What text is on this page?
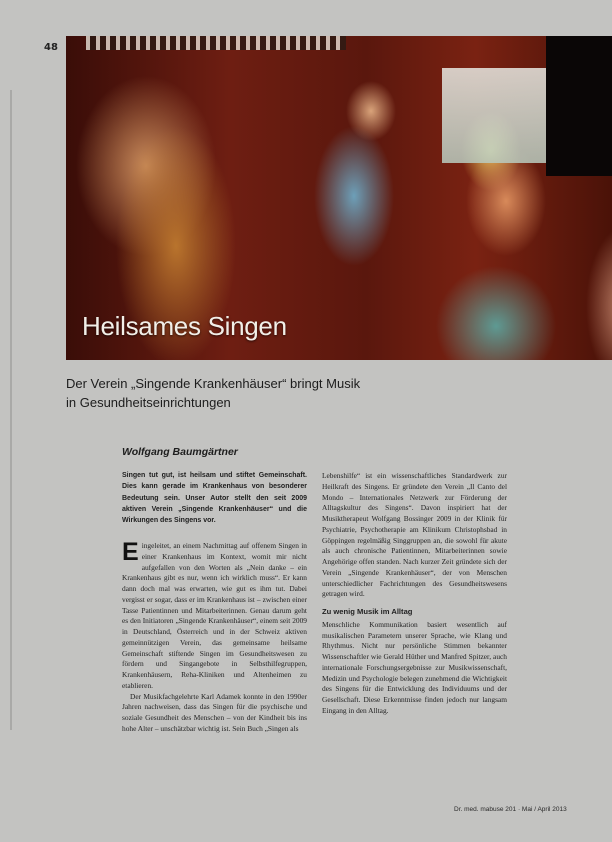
48
Heilsames Singen
Der Verein „Singende Krankenhäuser“ bringt Musik
in Gesundheitseinrichtungen
Wolfgang Baumgärtner
Singen tut gut, ist heilsam und stiftet Gemeinschaft. Dies kann gerade im Krankenhaus von besonderer Bedeutung sein. Unser Autor stellt den seit 2009 aktiven Verein „Singende Krankenhäuser“ und die Wirkungen des Singens vor.

Eingeleitet, an einem Nachmittag auf offenem Singen in einer Krankenhaus im Kontext, womit mir nicht aufgefallen von den Worten als „Nein danke – ein Krankenhaus gibt es nur, wenn ich wirklich muss“. Er kann dann doch mal was erwarten, wie gut es ihm tut. Dabei vergisst er sogar, dass er im Krankenhaus ist – zwischen einer Tasse Patientinnen und Mitarbeiterinnen. Genau darum geht es den Initiatoren „Singende Krankenhäuser“, einem seit 2009 in Deutschland, Österreich und in der Schweiz aktiven gemeinnützigen Verein, das gemeinsame heilsame Gemeinschaft stiftende Singen im Gesundheitswesen zu fördern und Singangebote in Selbsthilfegruppen, Krankenhäusern, Reha-Kliniken und Altenheimen zu etablieren.

Der Musikfachgelehrte Karl Adamek konnte in den 1990er Jahren nachweisen, dass das Singen für die psychische und soziale Gesundheit des Menschen – von der Kindheit bis ins hohe Alter – unschätzbar wichtig ist. Sein Buch „Singen als

Lebenshilfe“ ist ein wissenschaftliches Standardwerk zur Heilkraft des Singens. Er gründete den Verein „Il Canto del Mondo – Internationales Netzwerk zur Förderung der Alltagskultur des Singens“. Davon inspiriert hat der Musiktherapeut Wolfgang Bossinger 2009 in der Klinik für Psychiatrie, Psychotherapie am Klinikum Christophsbad in Göppingen regelmäßig Singgruppen an, die sowohl für akute als auch chronische Patientinnen, Mitarbeiterinnen sowie Angehörige offen standen. Nach kurzer Zeit gründete sich der Verein „Singende Krankenhäuser“, der von Menschen unterschiedlicher Fachrichtungen des Gesundheitswesens getragen wird.

Zu wenig Musik im Alltag

Menschliche Kommunikation basiert wesentlich auf musikalischen Parametern unserer Sprache, wie Klang und Rhythmus. Nicht nur persönliche Stimmen bekannter Wissenschaftler wie Gerald Hüther und Manfred Spitzer, auch internationale Forschungsergebnisse zur Musikwissenschaft, Medizin und Psychologie belegen zunehmend die Wichtigkeit des Singens für die Entwicklung des Individuums und der Gesellschaft. Diese Erkenntnisse finden jedoch nur langsam Eingang in den Alltag.

Dr. med. mabuse 201 · Mai / April 2013
